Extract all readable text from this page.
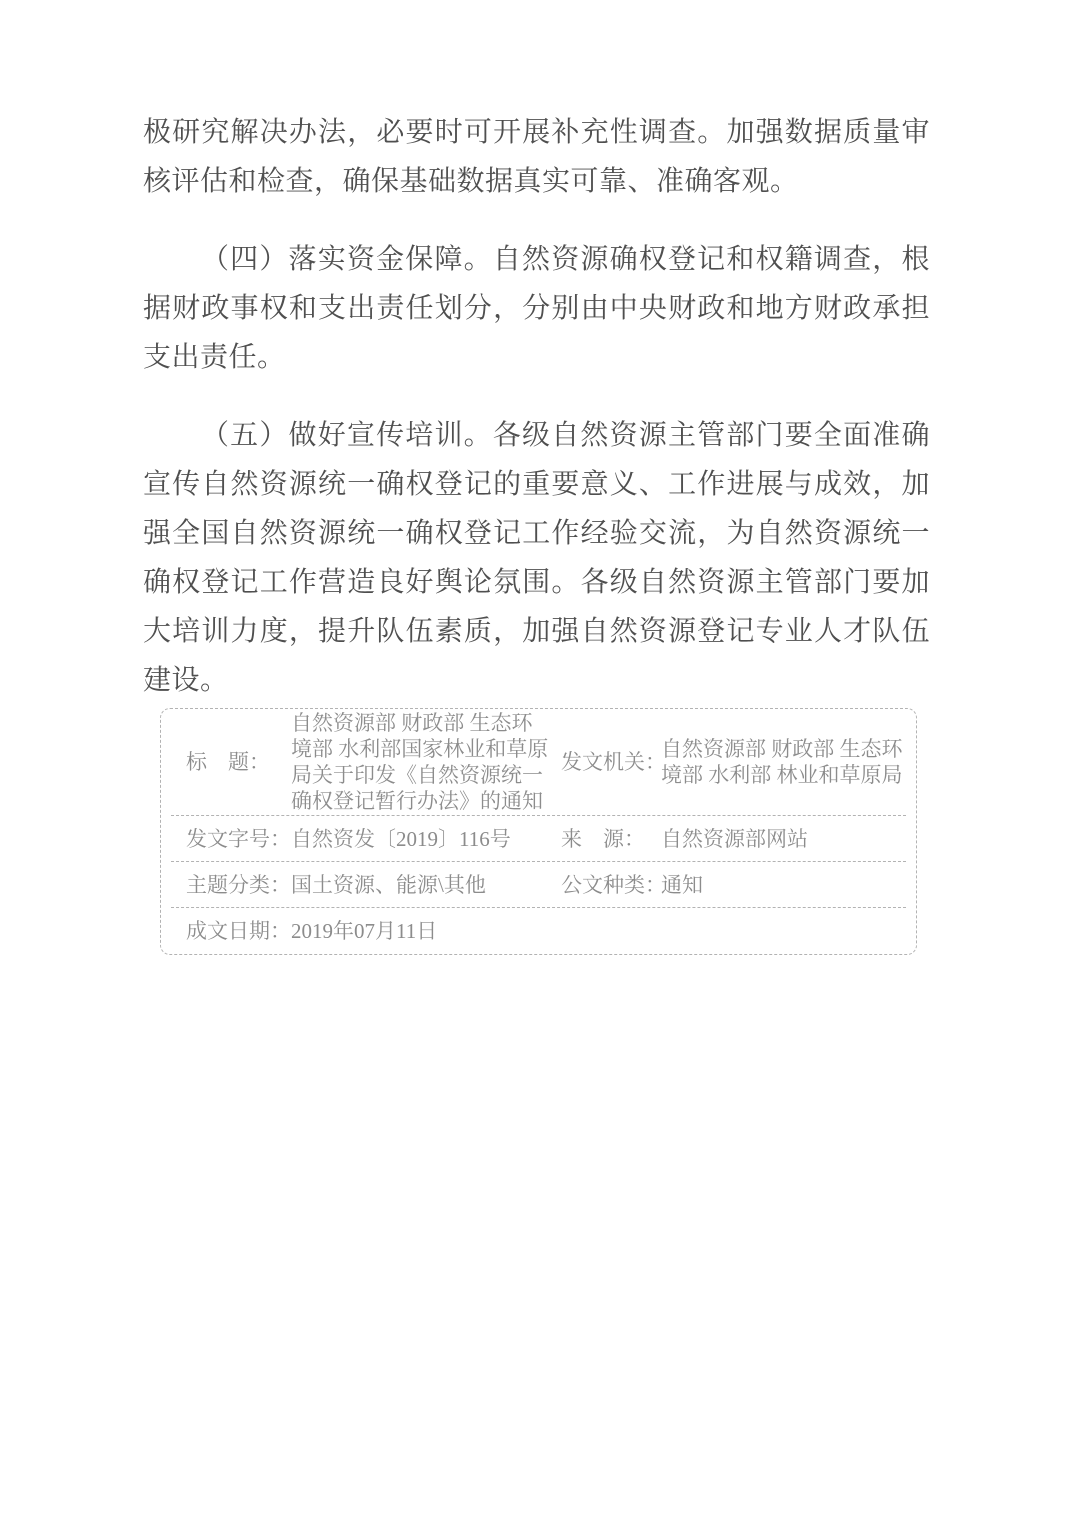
极研究解决办法，必要时可开展补充性调查。加强数据质量审核评估和检查，确保基础数据真实可靠、准确客观。

（四）落实资金保障。自然资源确权登记和权籍调查，根据财政事权和支出责任划分，分别由中央财政和地方财政承担支出责任。

（五）做好宣传培训。各级自然资源主管部门要全面准确宣传自然资源统一确权登记的重要意义、工作进展与成效，加强全国自然资源统一确权登记工作经验交流，为自然资源统一确权登记工作营造良好舆论氛围。各级自然资源主管部门要加大培训力度，提升队伍素质，加强自然资源登记专业人才队伍建设。

标　题：
自然资源部 财政部 生态环境部 水利部国家林业和草原局关于印发《自然资源统一确权登记暂行办法》的通知
发文机关：
自然资源部 财政部 生态环境部 水利部 林业和草原局
发文字号： 自然资发〔2019〕116号	来　源： 自然资源部网站
主题分类： 国土资源、能源\其他	公文种类：
通知
成文日期： 2019年07月11日
